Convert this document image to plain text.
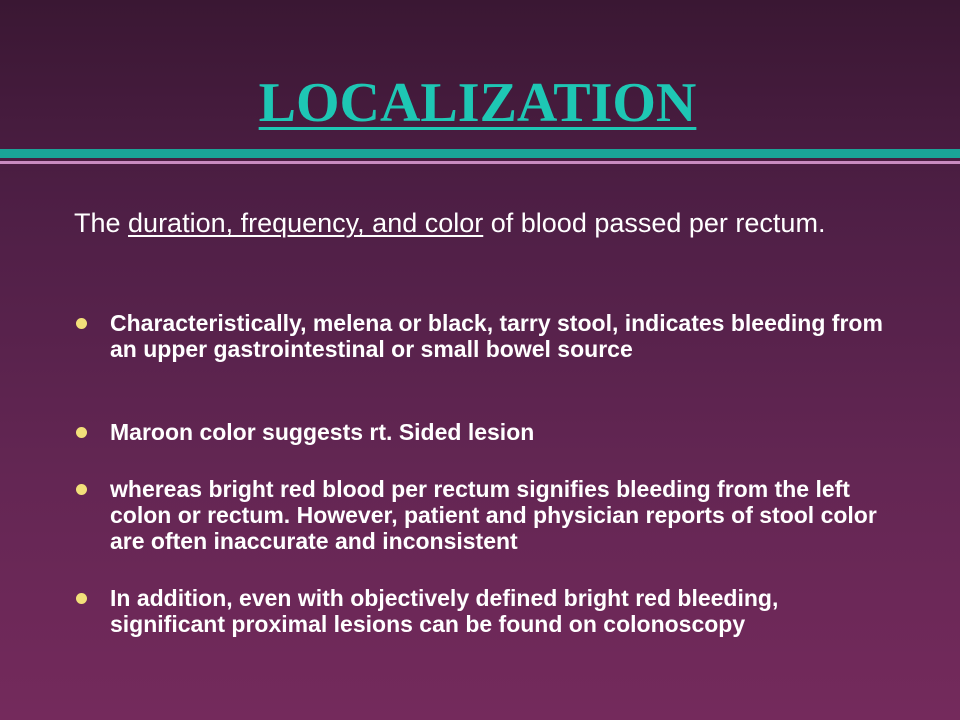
LOCALIZATION

The duration, frequency, and color of blood passed per rectum.

Characteristically, melena or black, tarry stool, indicates bleeding from an upper gastrointestinal or small bowel source
Maroon color suggests rt. Sided lesion
whereas bright red blood per rectum signifies bleeding from the left colon or rectum. However, patient and physician reports of stool color are often inaccurate and inconsistent
In addition, even with objectively defined bright red bleeding, significant proximal lesions can be found on colonoscopy
